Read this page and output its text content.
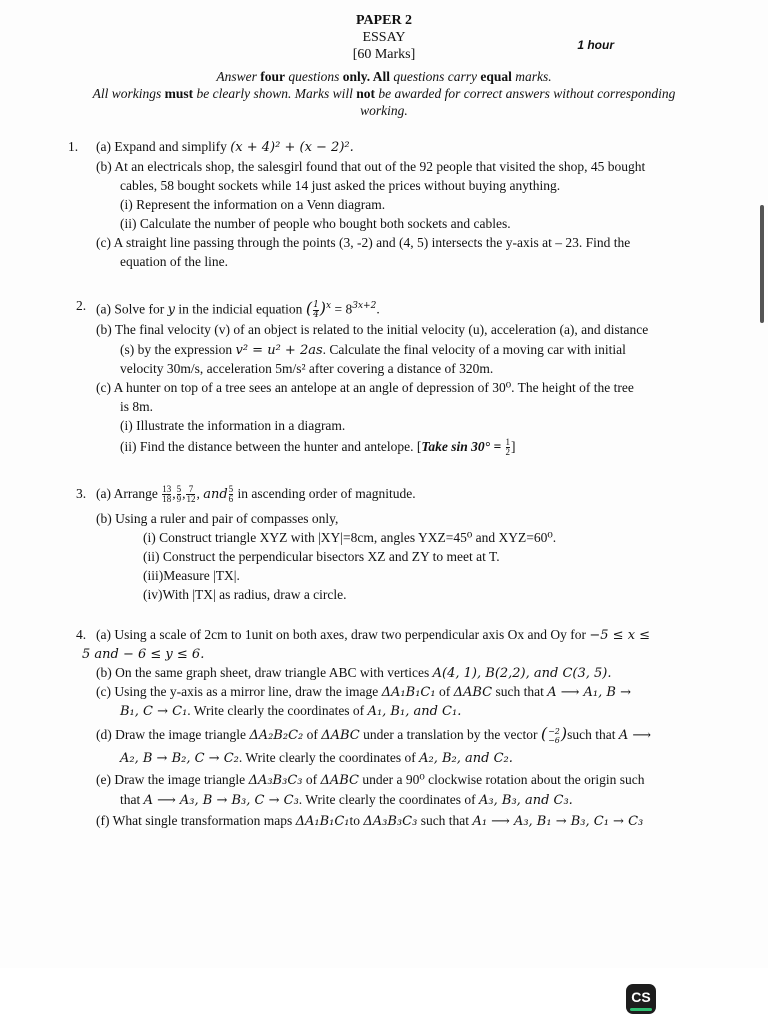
PAPER 2
ESSAY
[60 Marks]
1 hour
Answer four questions only. All questions carry equal marks.
All workings must be clearly shown. Marks will not be awarded for correct answers without corresponding
working.
1. (a) Expand and simplify (x + 4)² + (x − 2)².
(b) At an electricals shop, the salesgirl found that out of the 92 people that visited the shop, 45 bought
cables, 58 bought sockets while 14 just asked the prices without buying anything.
(i) Represent the information on a Venn diagram.
(ii) Calculate the number of people who bought both sockets and cables.
(c) A straight line passing through the points (3, -2) and (4, 5) intersects the y-axis at – 23. Find the
equation of the line.
2. (a) Solve for y in the indicial equation ( $\frac{1}{4} )^x = 8^{3x+2}$.
(b) The final velocity (v) of an object is related to the initial velocity (u), acceleration (a), and distance
(s) by the expression v² = u² + 2as. Calculate the final velocity of a moving car with initial
velocity 30m/s, acceleration 5m/s² after covering a distance of 320m.
(c) A hunter on top of a tree sees an antelope at an angle of depression of 30⁰. The height of the tree
is 8m.
(i) Illustrate the information in a diagram.
(ii) Find the distance between the hunter and antelope. [Take $\sin 30^\circ = \frac{1}{2}$ ]
3. (a) Arrange $\frac{13}{18}$ , $\frac{5}{9}$ , $\frac{7}{12}$ , and $\frac{5}{6}$ in ascending order of magnitude.
(b) Using a ruler and pair of compasses only,
(i) Construct triangle XYZ with |XY|=8cm, angles YXZ=45⁰ and XYZ=60⁰.
(ii) Construct the perpendicular bisectors XZ and ZY to meet at T.
(iii)Measure |TX|.
(iv)With |TX| as radius, draw a circle.
4. (a) Using a scale of 2cm to 1unit on both axes, draw two perpendicular axis Ox and Oy for −5 ≤ x ≤
5 and − 6 ≤ y ≤ 6.
(b) On the same graph sheet, draw triangle ABC with vertices A(4, 1), B(2,2), and C(3, 5).
(c) Using the y-axis as a mirror line, draw the image ΔA₁B₁C₁ of ΔABC such that A ⟶ A₁, B →
B₁, C → C₁. Write clearly the coordinates of A₁, B₁, and C₁.
(d) Draw the image triangle ΔA₂B₂C₂ of ΔABC under a translation by the vector ( −2
−6 )such that A ⟶
A₂, B → B₂, C → C₂. Write clearly the coordinates of A₂, B₂, and C₂.
(e) Draw the image triangle ΔA₃B₃C₃ of ΔABC under a 90⁰ clockwise rotation about the origin such
that A ⟶ A₃, B → B₃, C → C₃. Write clearly the coordinates of A₃, B₃, and C₃.
(f) What single transformation maps ΔA₁B₁C₁to ΔA₃B₃C₃ such that A₁ ⟶ A₃, B₁ → B₃, C₁ → C₃
CS
